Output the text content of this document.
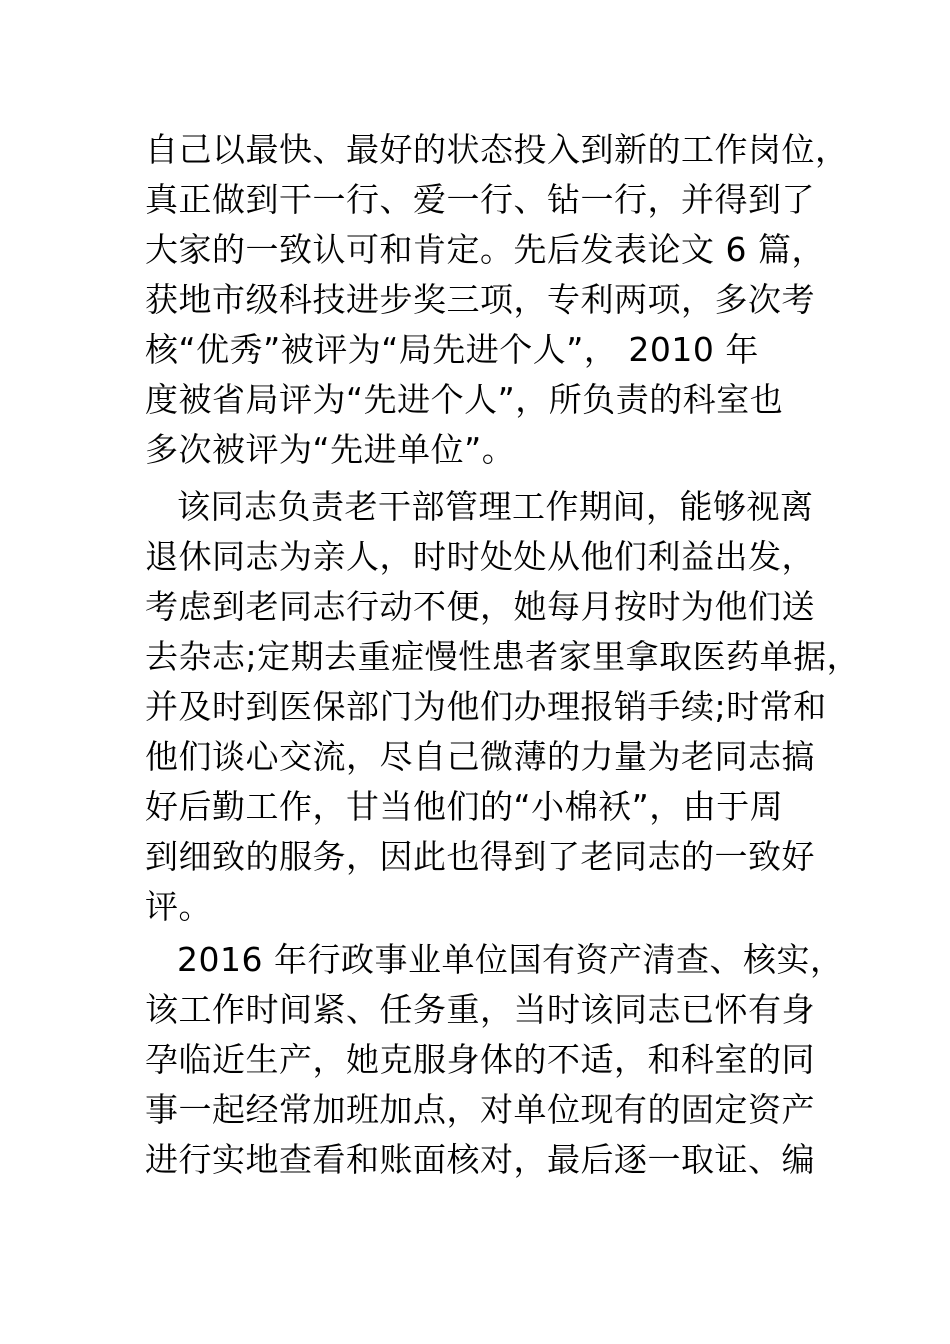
自己以最快、最好的状态投入到新的工作岗位，
真正做到干一行、爱一行、钻一行，并得到了
大家的一致认可和肯定。先后发表论文 6 篇，
获地市级科技进步奖三项，专利两项，多次考
核“优秀”被评为“局先进个人”， 2010 年
度被省局评为“先进个人”，所负责的科室也
多次被评为“先进单位”。
该同志负责老干部管理工作期间，能够视离
退休同志为亲人，时时处处从他们利益出发，
考虑到老同志行动不便，她每月按时为他们送
去杂志;定期去重症慢性患者家里拿取医药单据，
并及时到医保部门为他们办理报销手续;时常和
他们谈心交流，尽自己微薄的力量为老同志搞
好后勤工作，甘当他们的“小棉袄”，由于周
到细致的服务，因此也得到了老同志的一致好
评。
2016 年行政事业单位国有资产清查、核实，
该工作时间紧、任务重，当时该同志已怀有身
孕临近生产，她克服身体的不适，和科室的同
事一起经常加班加点，对单位现有的固定资产
进行实地查看和账面核对，最后逐一取证、编
